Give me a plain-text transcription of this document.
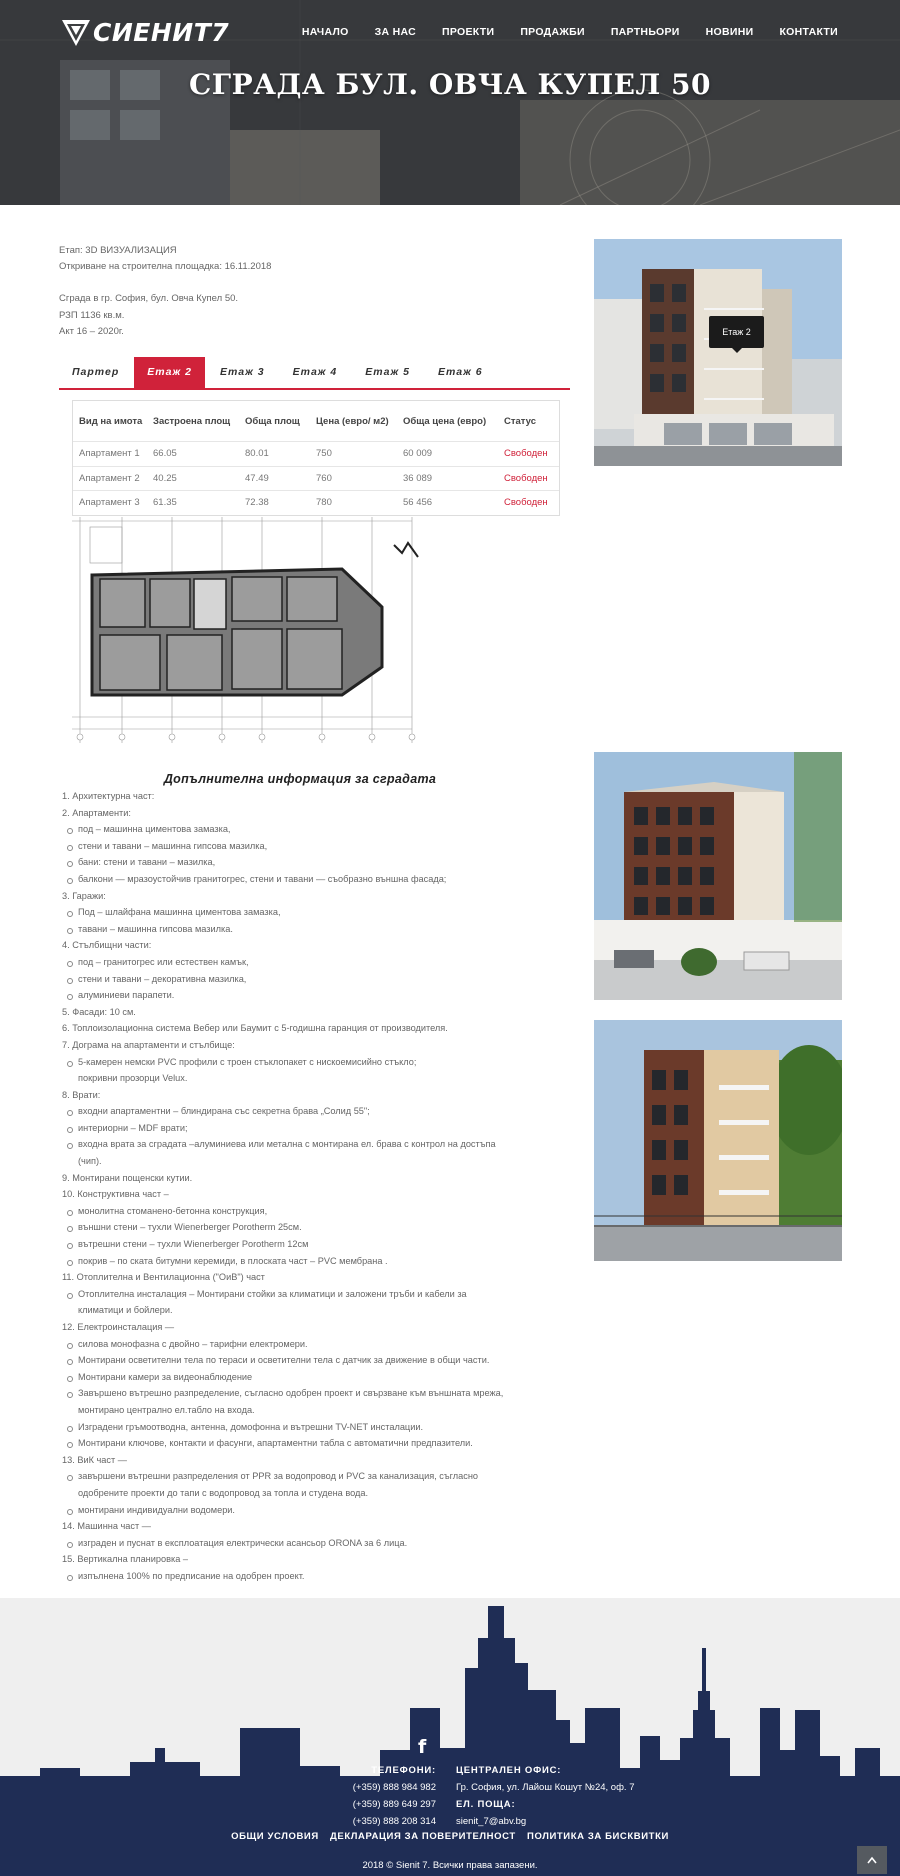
СИЕНИТ7	НАЧАЛО ЗА НАС ПРОЕКТИ ПРОДАЖБИ ПАРТНЬОРИ НОВИНИ КОНТАКТИ
СГРАДА БУЛ. ОВЧА КУПЕЛ 50
Етап: 3D ВИЗУАЛИЗАЦИЯ
Откриване на строителна площадка: 16.11.2018
Сграда в гр. София, бул. Овча Купел 50.
РЗП 1136 кв.м.
Акт 16 – 2020г.	Етаж 2
Партер	Етаж 2	Етаж 3	Етаж 4	Етаж 5	Етаж 6
Вид на имота	Застроена площ	Обща площ	Цена (евро/ м2)	Обща цена (евро)	Статус
Апартамент 1	66.05	80.01	750	60 009	Свободен
Апартамент 2	40.25	47.49	760	36 089	Свободен
Апартамент 3	61.35	72.38	780	56 456	Свободен
Допълнителна информация за сградата
1. Архитектурна част:
2. Апартаменти:
под – машинна циментова замазка,
стени и тавани – машинна гипсова мазилка,
бани: стени и тавани – мазилка,
балкони — мразоустойчив гранитогрес, стени и тавани — съобразно външна фасада;
3. Гаражи:
Под – шлайфана машинна циментова замазка,
тавани – машинна гипсова мазилка.
4. Стълбищни части:
под – гранитогрес или естествен камък,
стени и тавани – декоративна мазилка,
алуминиеви парапети.
5. Фасади: 10 см.
6. Топлоизолационна система Вебер или Баумит с 5-годишна гаранция от производителя.
7. Дограма на апартаменти и стълбище:
5-камерен немски PVC профили с троен стъклопакет с нискоемисийно стъкло;
покривни прозорци Velux.
8. Врати:
входни апартаментни – блиндирана със секретна брава „Солид 55";
интериорни – MDF врати;
входна врата за сградата –алуминиева или метална с монтирана ел. брава с контрол на достъпа
(чип).
9. Монтирани пощенски кутии.
10. Конструктивна част –
монолитна стоманено-бетонна конструкция,
външни стени – тухли Wienerberger Porotherm 25см.
вътрешни стени – тухли Wienerberger Porotherm 12см
покрив – по ската битумни керемиди, в плоската част – PVC мембрана .
11. Отоплителна и Вентилационна ("ОиВ") част
Отоплителна инсталация – Монтирани стойки за климатици и заложени тръби и кабели за
климатици и бойлери.
12. Електроинсталация —
силова монофазна с двойно – тарифни електромери.
Монтирани осветителни тела по тераси и осветителни тела с датчик за движение в общи части.
Монтирани камери за видеонаблюдение
Завършено вътрешно разпределение, съгласно одобрен проект и свързване към външната мрежа,
монтирано централно ел.табло на входа.
Изградени гръмоотводна, антенна, домофонна и вътрешни TV-NET инсталации.
Монтирани ключове, контакти и фасунги, апартаментни табла с автоматични предпазители.
13. ВиК част —
завършени вътрешни разпределения от PPR за водопровод и PVC за канализация, съгласно
одобрените проекти до тапи с водопровод за топла и студена вода.
монтирани индивидуални водомери.
14. Машинна част —
изграден и пуснат в експлоатация електрически асансьор ORONA за 6 лица.
15. Вертикална планировка –
изпълнена 100% по предписание на одобрен проект.
f
ТЕЛЕФОНИ:
(+359) 888 984 982
(+359) 889 649 297
(+359) 888 208 314
ЦЕНТРАЛЕН ОФИС:
Гр. София, ул. Лайош Кошут №24, оф. 7
ЕЛ. ПОЩА:
sienit_7@abv.bg
ОБЩИ УСЛОВИЯ ДЕКЛАРАЦИЯ ЗА ПОВЕРИТЕЛНОСТ ПОЛИТИКА ЗА БИСКВИТКИ
2018 © Sienit 7. Всички права запазени.
